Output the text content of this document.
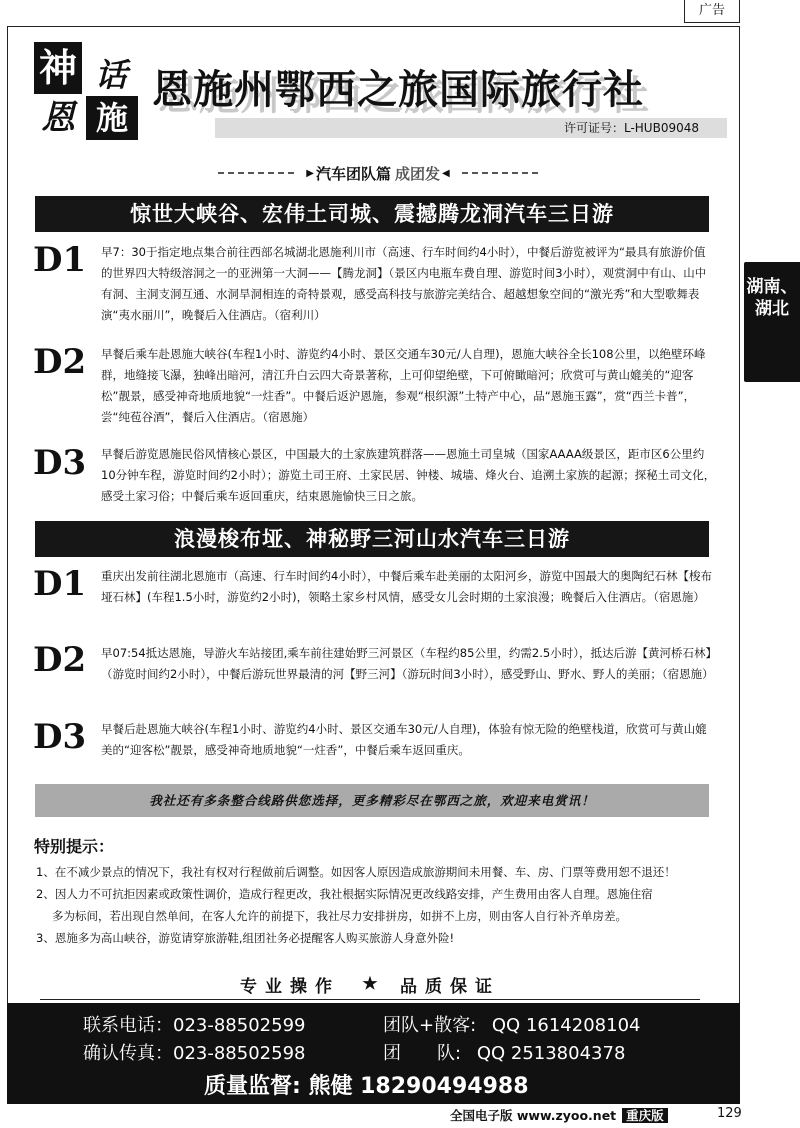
广告
神 话
恩 施
恩施州鄂西之旅国际旅行社
许可证号：L-HUB09048
▶ 汽车团队篇 成团发 ◀
惊世大峡谷、宏伟土司城、震撼腾龙洞汽车三日游
D1 早7：30于指定地点集合前往西部名城湖北恩施利川市（高速、行车时间约4小时），中餐后游览被评为“最具有旅游价值的世界四大特级溶洞之一的亚洲第一大洞——【腾龙洞】（景区内电瓶车费自理、游览时间3小时），观赏洞中有山、山中有洞、主洞支洞互通、水洞旱洞相连的奇特景观，感受高科技与旅游完美结合、超越想象空间的“激光秀”和大型歌舞表演“夷水丽川”，晚餐后入住酒店。（宿利川）
D2 早餐后乘车赴恩施大峡谷(车程1小时、游览约4小时、景区交通车30元/人自理)，恩施大峡谷全长108公里，以绝壁环峰群，地缝接飞瀑，独峰出暗河，清江升白云四大奇景著称，上可仰望绝壁，下可俯瞰暗河；欣赏可与黄山媲美的“迎客松”靓景，感受神奇地质地貌“一炷香”。中餐后返沪恩施，参观“根织源”土特产中心，品“恩施玉露”，赏“西兰卡普”，尝“纯苞谷酒”，餐后入住酒店。（宿恩施）
D3 早餐后游览恩施民俗风情核心景区，中国最大的土家族建筑群落——恩施土司皇城（国家AAAA级景区，距市区6公里约10分钟车程，游览时间约2小时）；游览土司王府、土家民居、钟楼、城墙、烽火台、追溯土家族的起源；探秘土司文化，感受土家习俗；中餐后乘车返回重庆，结束恩施愉快三日之旅。
浪漫梭布垭、神秘野三河山水汽车三日游
D1 重庆出发前往湖北恩施市（高速、行车时间约4小时），中餐后乘车赴美丽的太阳河乡，游览中国最大的奥陶纪石林【梭布垭石林】(车程1.5小时，游览约2小时)，领略土家乡村风情，感受女儿会时期的土家浪漫；晚餐后入住酒店。（宿恩施）
D2 早07:54抵达恩施，导游火车站接团,乘车前往建始野三河景区（车程约85公里，约需2.5小时），抵达后游【黄河桥石林】（游览时间约2小时），中餐后游玩世界最清的河【野三河】（游玩时间3小时），感受野山、野水、野人的美丽；（宿恩施）
D3 早餐后赴恩施大峡谷(车程1小时、游览约4小时、景区交通车30元/人自理)，体验有惊无险的绝壁栈道，欣赏可与黄山媲美的“迎客松”靓景，感受神奇地质地貌“一炷香”，中餐后乘车返回重庆。
我社还有多条整合线路供您选择，更多精彩尽在鄂西之旅，欢迎来电赏讯！
特别提示：
1、在不减少景点的情况下，我社有权对行程做前后调整。如因客人原因造成旅游期间未用餐、车、房、门票等费用恕不退还！
2、因人力不可抗拒因素或政策性调价，造成行程更改，我社根据实际情况更改线路安排，产生费用由客人自理。恩施住宿
多为标间，若出现自然单间，在客人允许的前提下，我社尽力安排拼房，如拼不上房，则由客人自行补齐单房差。
3、恩施多为高山峡谷，游览请穿旅游鞋,组团社务必提醒客人购买旅游人身意外险!
专业操作	★	品质保证
联系电话：023-88502599
确认传真：023-88502598
团队+散客: QQ 1614208104
团　　队: QQ 2513804378
质量监督: 熊健 18290494988
湖南、
湖北
全国电子版 www.zyoo.net 重庆版	129
